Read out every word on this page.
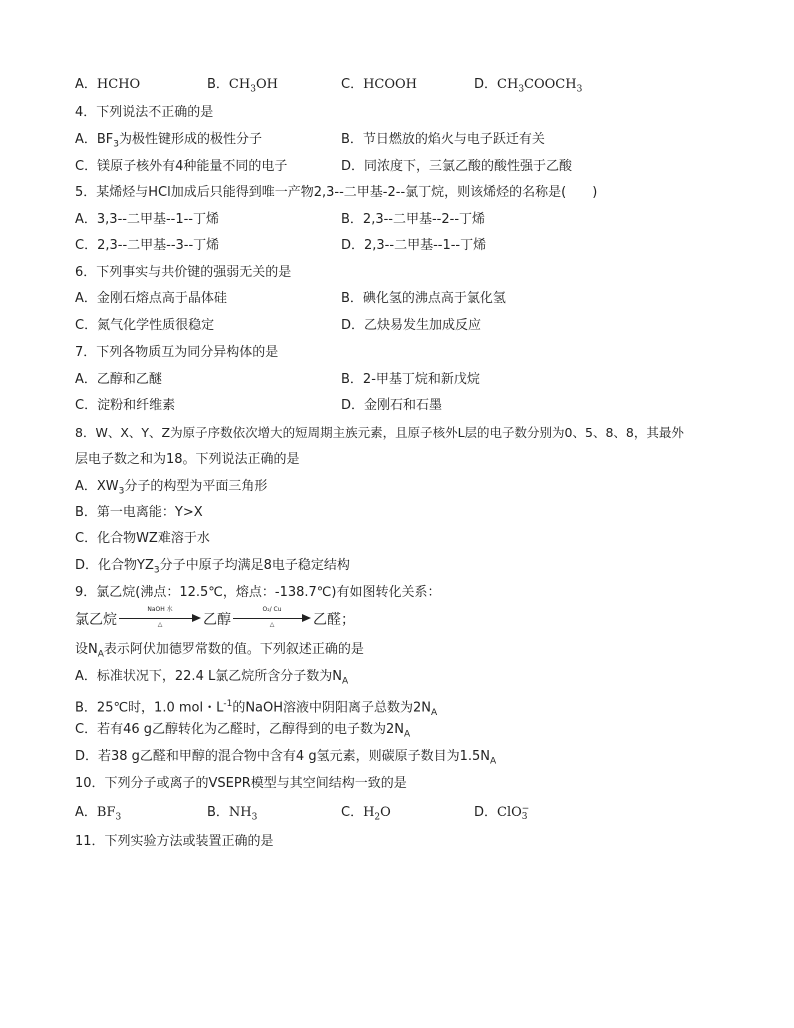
A．HCHO	B．$CH_3OH$	C．HCOOH	D．$CH_3COOCH_3$
4．下列说法不正确的是
A．$BF_3$为极性键形成的极性分子	B．节日燃放的焰火与电子跃迁有关
C．镁原子核外有4种能量不同的电子	D．同浓度下，三氯乙酸的酸性强于乙酸
5．某烯烃与HCl加成后只能得到唯一产物2,3--二甲基-2--氯丁烷，则该烯烃的名称是(　　)
A．3,3--二甲基--1--丁烯	B．2,3--二甲基--2--丁烯
C．2,3--二甲基--3--丁烯	D．2,3--二甲基--1--丁烯
6．下列事实与共价键的强弱无关的是
A．金刚石熔点高于晶体硅	B．碘化氢的沸点高于氯化氢
C．氮气化学性质很稳定	D．乙炔易发生加成反应
7．下列各物质互为同分异构体的是
A．乙醇和乙醚	B．2-甲基丁烷和新戊烷
C．淀粉和纤维素	D．金刚石和石墨
8．W、X、Y、Z为原子序数依次增大的短周期主族元素，且原子核外L层的电子数分别为0、5、8、8，其最外
层电子数之和为18。下列说法正确的是
A．$XW_3$分子的构型为平面三角形
B．第一电离能：Y>X
C．化合物WZ难溶于水
D．化合物$YZ_3$分子中原子均满足8电子稳定结构
9．氯乙烷(沸点：12.5℃，熔点：-138.7℃)有如图转化关系：
氯乙烷
NaOH 水
△	乙醇
O₂/ Cu
△	乙醛；
设$N_A$表示阿伏加德罗常数的值。下列叙述正确的是
A．标准状况下，22.4 L氯乙烷所含分子数为$N_A$
B．25℃时，1.0 mol・$L^{-1}$的NaOH溶液中阴阳离子总数为$2N_A$
C．若有46 g乙醇转化为乙醛时，乙醇得到的电子数为$2N_A$
D．若38 g乙醛和甲醇的混合物中含有4 g氢元素，则碳原子数目为$1.5N_A$
10．下列分子或离子的VSEPR模型与其空间结构一致的是
A．$BF_3$	B．$NH_3$	C．$H_2O$	D．ClO −
3
11．下列实验方法或装置正确的是
